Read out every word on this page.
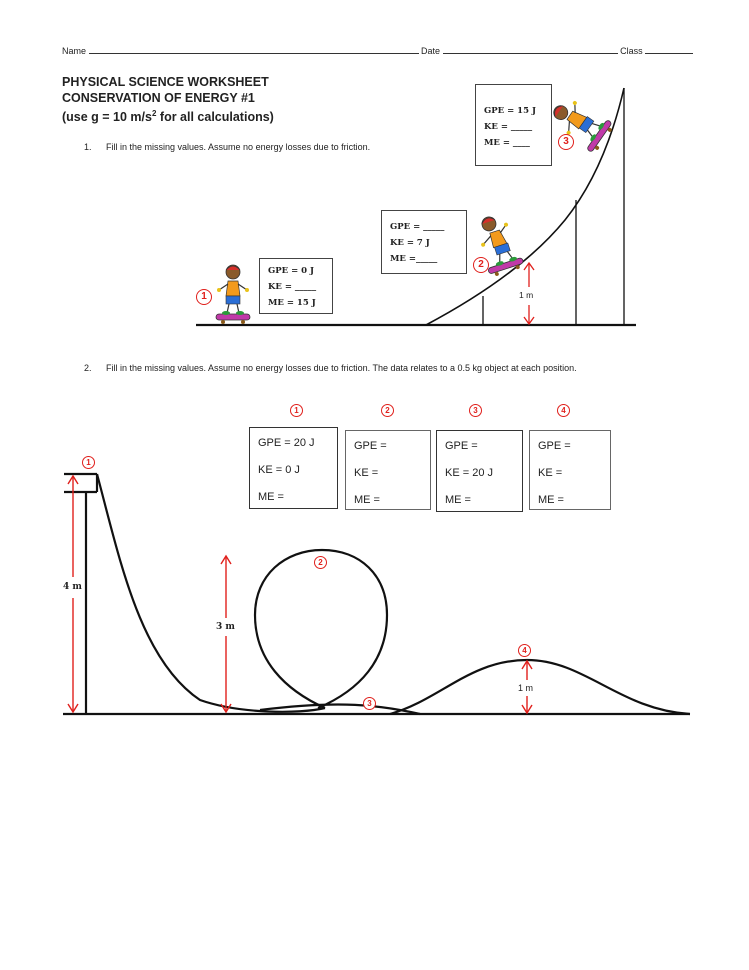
Name	Date	Class
PHYSICAL SCIENCE WORKSHEET
CONSERVATION OF ENERGY #1
(use g = 10 $m/s^2$ for all calculations)
1. Fill in the missing values. Assume no energy losses due to friction.
GPE = 0 J
KE = _____
ME = 15 J
GPE = _____
KE = 7 J
ME =_____
GPE = 15 J
KE = _____
ME = ____
1
2
3
1 m
2. Fill in the missing values. Assume no energy losses due to friction. The data relates to a 0.5 kg object at each position.
1	2	3	4
GPE = 20 J
KE = 0 J
ME =
GPE =
KE =
ME =
GPE =
KE = 20 J
ME =
GPE =
KE =
ME =
1
2
3
4
4 m
3 m
1 m
